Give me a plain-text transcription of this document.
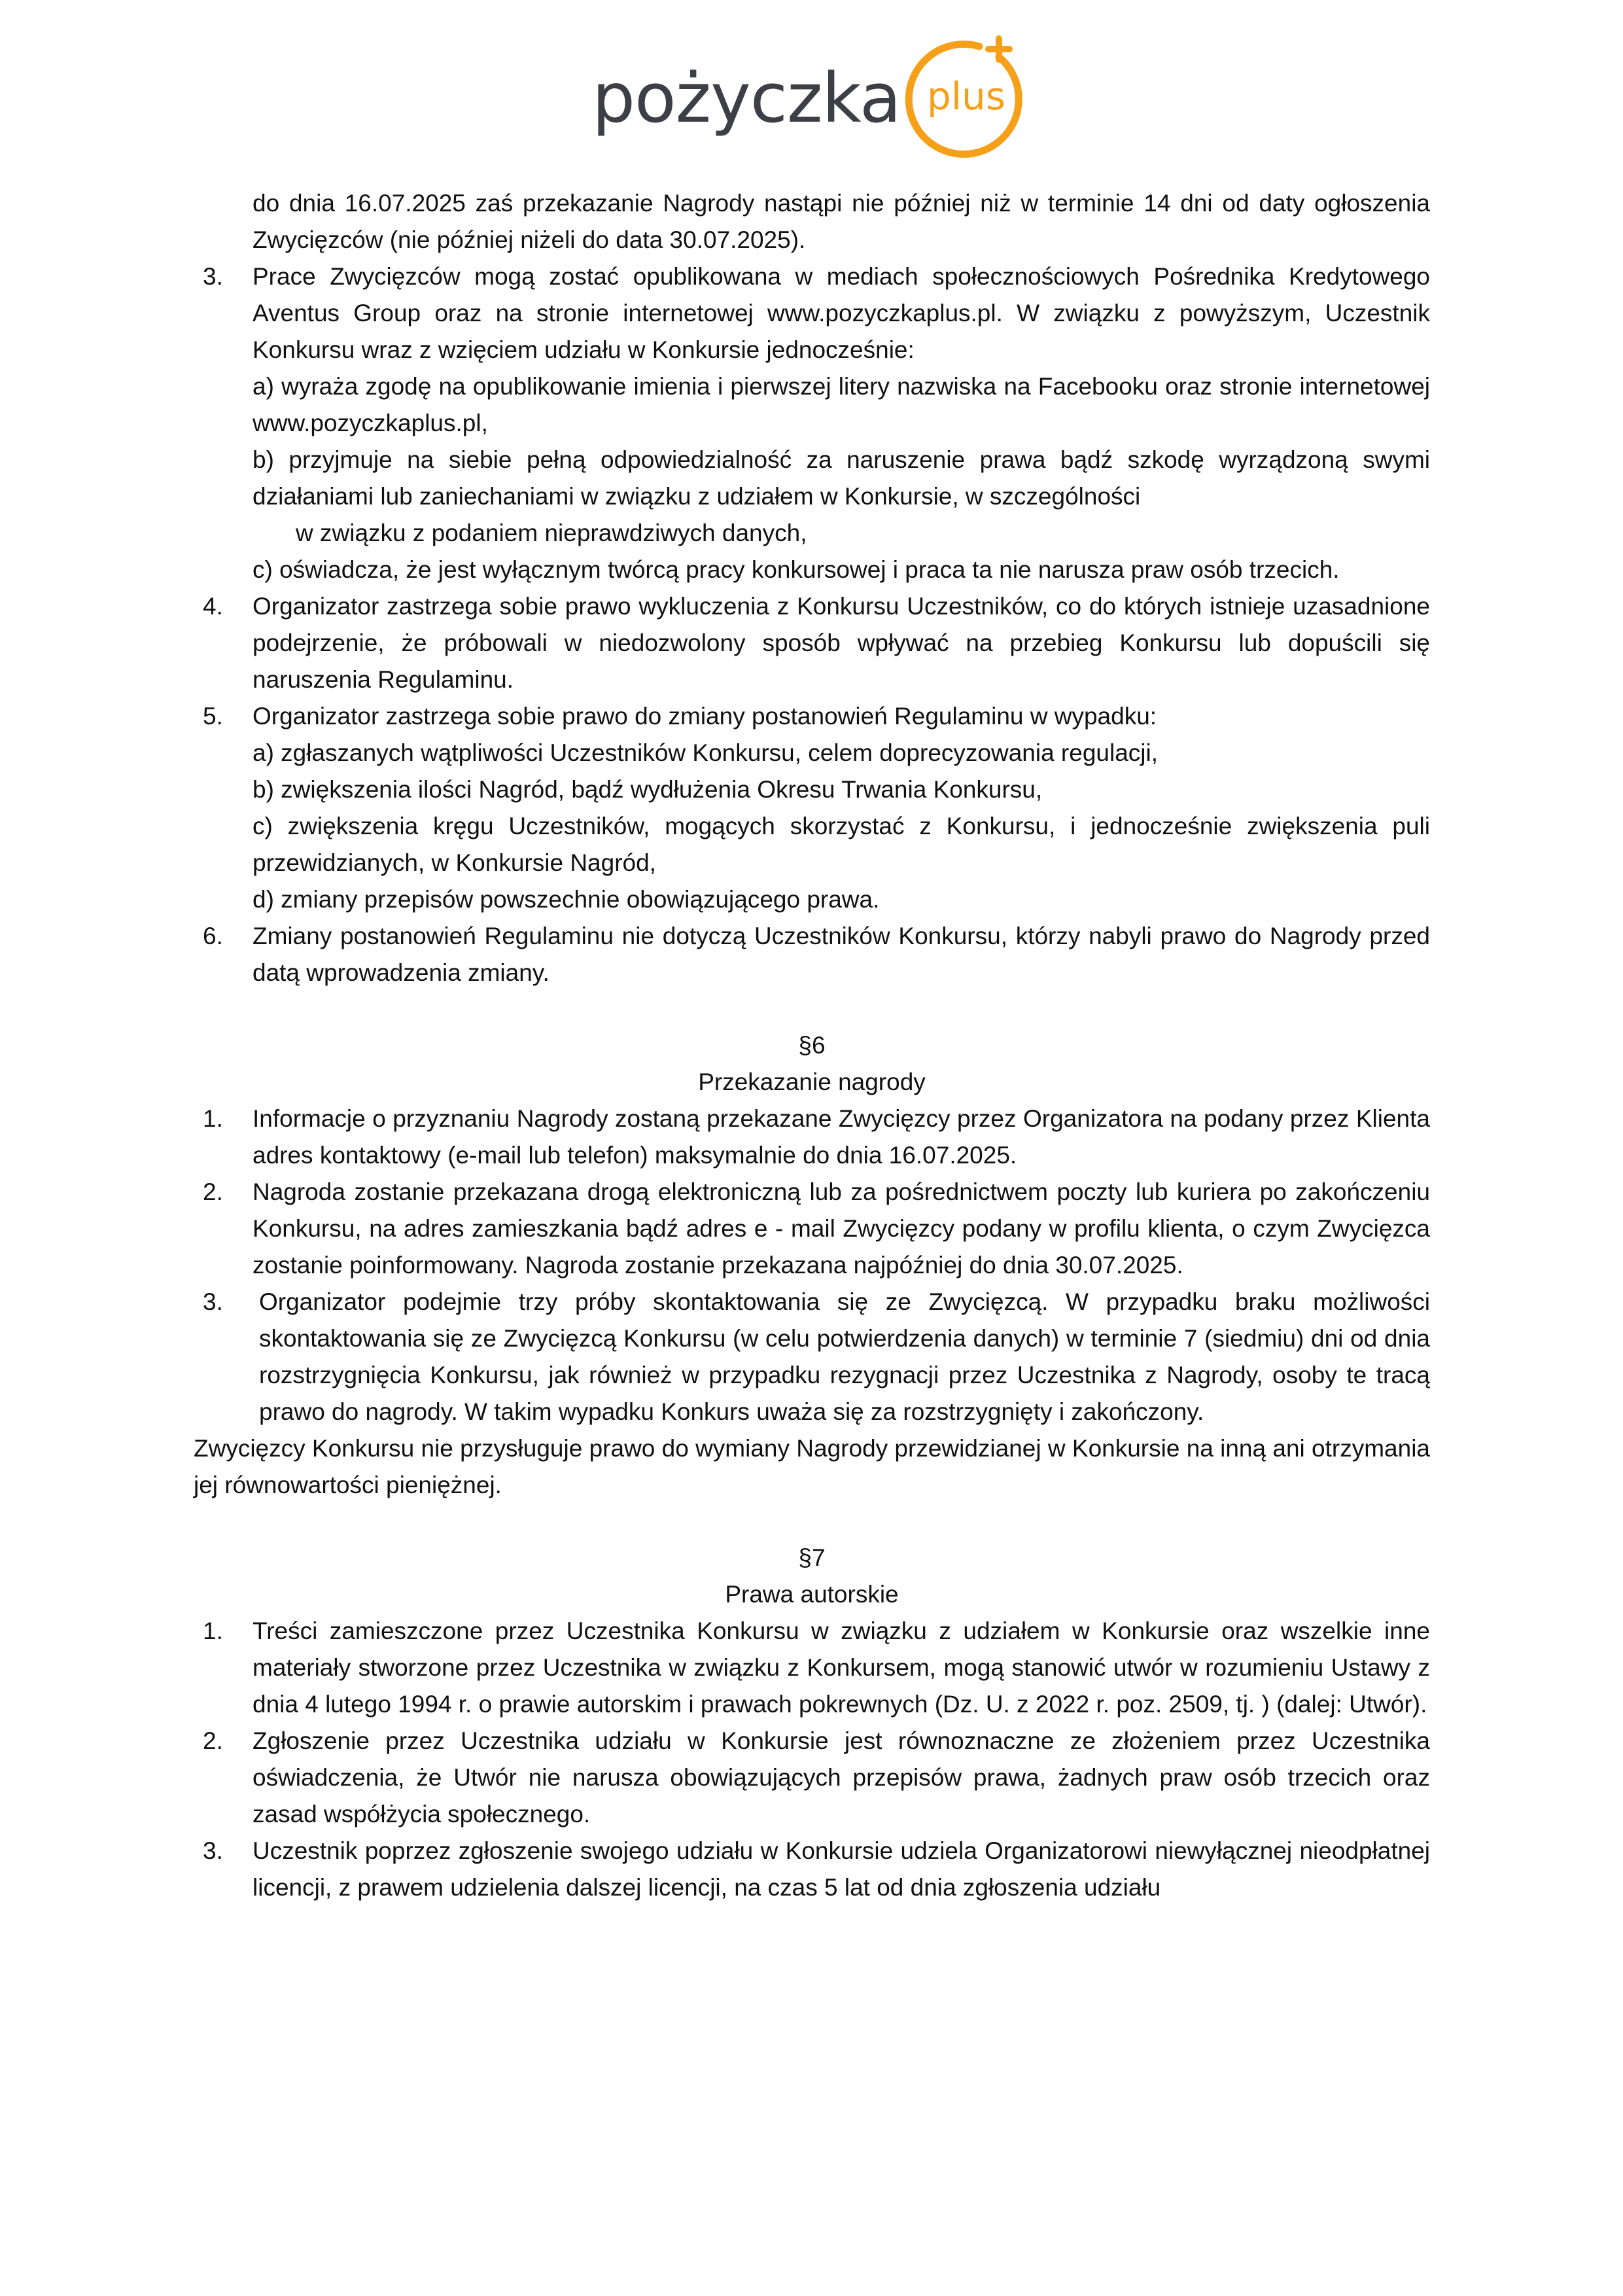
pożyczka plus

do dnia 16.07.2025 zaś przekazanie Nagrody nastąpi nie później niż w terminie 14 dni od daty ogłoszenia Zwycięzców (nie później niżeli do data 30.07.2025).

3.	Prace Zwycięzców mogą zostać opublikowana w mediach społecznościowych Pośrednika Kredytowego Aventus Group oraz na stronie internetowej www.pozyczkaplus.pl. W związku z powyższym, Uczestnik Konkursu wraz z wzięciem udziału w Konkursie jednocześnie:
a) wyraża zgodę na opublikowanie imienia i pierwszej litery nazwiska na Facebooku oraz stronie internetowej www.pozyczkaplus.pl,
b) przyjmuje na siebie pełną odpowiedzialność za naruszenie prawa bądź szkodę wyrządzoną swymi działaniami lub zaniechaniami w związku z udziałem w Konkursie, w szczególności
w związku z podaniem nieprawdziwych danych,
c) oświadcza, że jest wyłącznym twórcą pracy konkursowej i praca ta nie narusza praw osób trzecich.
4.	Organizator zastrzega sobie prawo wykluczenia z Konkursu Uczestników, co do których istnieje uzasadnione podejrzenie, że próbowali w niedozwolony sposób wpływać na przebieg Konkursu lub dopuścili się naruszenia Regulaminu.
5.	Organizator zastrzega sobie prawo do zmiany postanowień Regulaminu w wypadku:
a) zgłaszanych wątpliwości Uczestników Konkursu, celem doprecyzowania regulacji,
b) zwiększenia ilości Nagród, bądź wydłużenia Okresu Trwania Konkursu,
c) zwiększenia kręgu Uczestników, mogących skorzystać z Konkursu, i jednocześnie zwiększenia puli przewidzianych, w Konkursie Nagród,
d) zmiany przepisów powszechnie obowiązującego prawa.
6.	Zmiany postanowień Regulaminu nie dotyczą Uczestników Konkursu, którzy nabyli prawo do Nagrody przed datą wprowadzenia zmiany.

§6

Przekazanie nagrody

1.	Informacje o przyznaniu Nagrody zostaną przekazane Zwycięzcy przez Organizatora na podany przez Klienta adres kontaktowy (e-mail lub telefon) maksymalnie do dnia 16.07.2025.
2.	Nagroda zostanie przekazana drogą elektroniczną lub za pośrednictwem poczty lub kuriera po zakończeniu Konkursu, na adres zamieszkania bądź adres e - mail Zwycięzcy podany w profilu klienta, o czym Zwycięzca zostanie poinformowany. Nagroda zostanie przekazana najpóźniej do dnia 30.07.2025.
3.	Organizator podejmie trzy próby skontaktowania się ze Zwycięzcą. W przypadku braku możliwości skontaktowania się ze Zwycięzcą Konkursu (w celu potwierdzenia danych) w terminie 7 (siedmiu) dni od dnia rozstrzygnięcia Konkursu, jak również w przypadku rezygnacji przez Uczestnika z Nagrody, osoby te tracą prawo do nagrody. W takim wypadku Konkurs uważa się za rozstrzygnięty i zakończony.

Zwycięzcy Konkursu nie przysługuje prawo do wymiany Nagrody przewidzianej w Konkursie na inną ani otrzymania jej równowartości pieniężnej.

§7

Prawa autorskie

1.	Treści zamieszczone przez Uczestnika Konkursu w związku z udziałem w Konkursie oraz wszelkie inne materiały stworzone przez Uczestnika w związku z Konkursem, mogą stanowić utwór w rozumieniu Ustawy z dnia 4 lutego 1994 r. o prawie autorskim i prawach pokrewnych (Dz. U. z 2022 r. poz. 2509, tj. ) (dalej: Utwór).
2.	Zgłoszenie przez Uczestnika udziału w Konkursie jest równoznaczne ze złożeniem przez Uczestnika oświadczenia, że Utwór nie narusza obowiązujących przepisów prawa, żadnych praw osób trzecich oraz zasad współżycia społecznego.
3.	Uczestnik poprzez zgłoszenie swojego udziału w Konkursie udziela Organizatorowi niewyłącznej nieodpłatnej licencji, z prawem udzielenia dalszej licencji, na czas 5 lat od dnia zgłoszenia udziału
